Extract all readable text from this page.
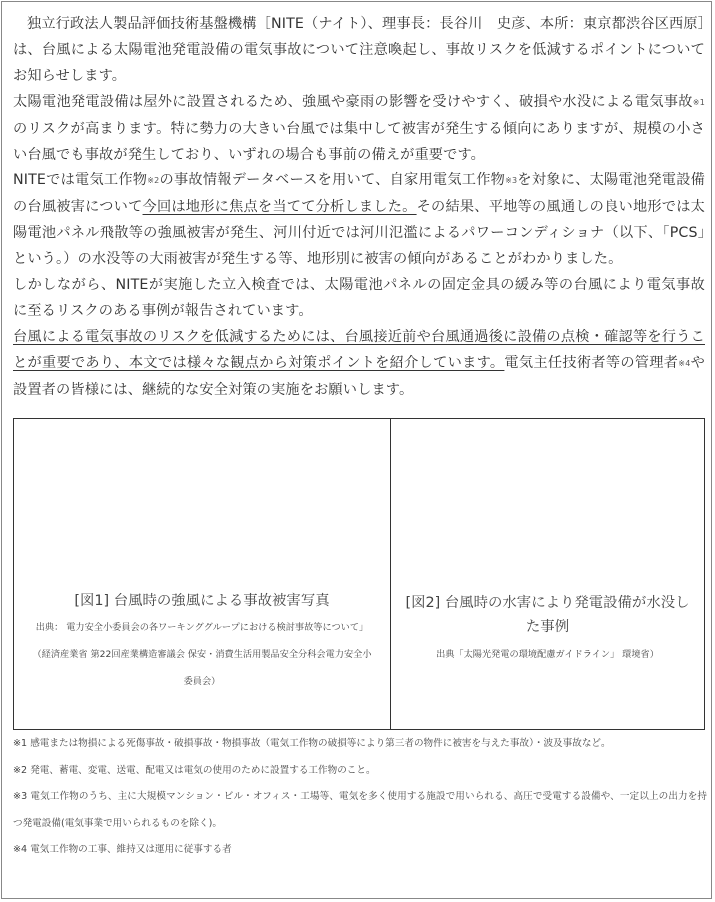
独立行政法人製品評価技術基盤機構［NITE（ナイト）、理事長：長谷川　史彦、本所：東京都渋谷区西原］は、台風による太陽電池発電設備の電気事故について注意喚起し、事故リスクを低減するポイントについてお知らせします。

太陽電池発電設備は屋外に設置されるため、強風や豪雨の影響を受けやすく、破損や水没による電気事故$^{※1}$のリスクが高まります。特に勢力の大きい台風では集中して被害が発生する傾向にありますが、規模の小さい台風でも事故が発生しており、いずれの場合も事前の備えが重要です。

NITEでは電気工作物$^{※2}$の事故情報データベースを用いて、自家用電気工作物$^{※3}$を対象に、太陽電池発電設備の台風被害について今回は地形に焦点を当てて分析しました。その結果、平地等の風通しの良い地形では太陽電池パネル飛散等の強風被害が発生、河川付近では河川氾濫によるパワーコンディショナ（以下、「PCS」という。）の水没等の大雨被害が発生する等、地形別に被害の傾向があることがわかりました。

しかしながら、NITEが実施した立入検査では、太陽電池パネルの固定金具の緩み等の台風により電気事故に至るリスクのある事例が報告されています。

台風による電気事故のリスクを低減するためには、台風接近前や台風通過後に設備の点検・確認等を行うことが重要であり、本文では様々な観点から対策ポイントを紹介しています。電気主任技術者等の管理者$^{※4}$や設置者の皆様には、継続的な安全対策の実施をお願いします。

[図1] 台風時の強風による事故被害写真
出典： 電力安全小委員会の各ワーキンググループにおける検討事故等について」
（経済産業省 第22回産業構造審議会 保安・消費生活用製品安全分科会電力安全小委員会）
[図2] 台風時の水害により発電設備が水没した事例
出典「太陽光発電の環境配慮ガイドライン」 環境省）

※1 感電または物損による死傷事故・破損事故・物損事故（電気工作物の破損等により第三者の物件に被害を与えた事故）・波及事故など。

※2 発電、蓄電、変電、送電、配電又は電気の使用のために設置する工作物のこと。

※3 電気工作物のうち、主に大規模マンション・ビル・オフィス・工場等、電気を多く使用する施設で用いられる、高圧で受電する設備や、一定以上の出力を持つ発電設備(電気事業で用いられるものを除く)。

※4 電気工作物の工事、維持又は運用に従事する者
